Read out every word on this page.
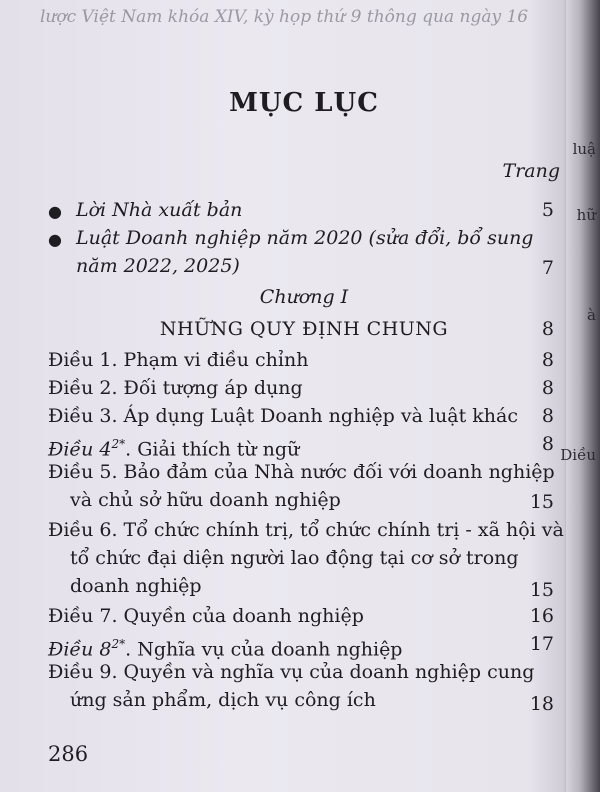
lược Việt Nam khóa XIV, kỳ họp thứ 9 thông qua ngày 16
luậ
hữ
à
Diều
MỤC LỤC
Trang
● Lời Nhà xuất bản	5
● Luật Doanh nghiệp năm 2020 (sửa đổi, bổ sung
năm 2022, 2025)	7
Chương I
NHỮNG QUY ĐỊNH CHUNG	8
Điều 1. Phạm vi điều chỉnh	8
Điều 2. Đối tượng áp dụng	8
Điều 3. Áp dụng Luật Doanh nghiệp và luật khác 8
Điều $4^{2*}$. Giải thích từ ngữ	8
Điều 5. Bảo đảm của Nhà nước đối với doanh nghiệp
và chủ sở hữu doanh nghiệp	15
Điều 6. Tổ chức chính trị, tổ chức chính trị - xã hội và
tổ chức đại diện người lao động tại cơ sở trong
doanh nghiệp	15
Điều 7. Quyền của doanh nghiệp	16
Điều $8^{2*}$. Nghĩa vụ của doanh nghiệp	17
Điều 9. Quyền và nghĩa vụ của doanh nghiệp cung
ứng sản phẩm, dịch vụ công ích	18
286
